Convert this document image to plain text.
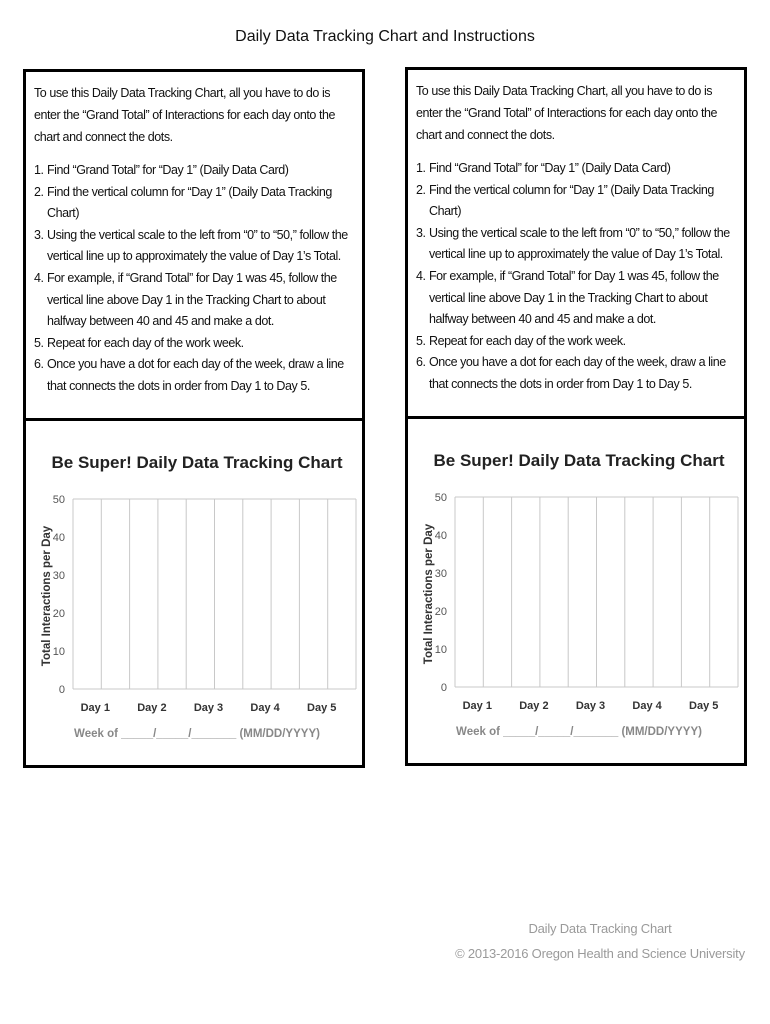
Daily Data Tracking Chart and Instructions

To use this Daily Data Tracking Chart, all you have to do is enter the “Grand Total” of Interactions for each day onto the chart and connect the dots.

1. Find “Grand Total” for “Day 1” (Daily Data Card)
2. Find the vertical column for “Day 1” (Daily Data Tracking Chart)
3. Using the vertical scale to the left from “0” to “50,” follow the vertical line up to approximately the value of Day 1’s Total.
4. For example, if “Grand Total” for Day 1 was 45, follow the vertical line above Day 1 in the Tracking Chart to about halfway between 40 and 45 and make a dot.
5. Repeat for each day of the work week.
6. Once you have a dot for each day of the week, draw a line that connects the dots in order from Day 1 to Day 5.
Be Super! Daily Data Tracking Chart
0
10
20
30
40
50
Total Interactions per Day
Day 1 Day 2 Day 3 Day 4 Day 5
Week of _____/_____/_______ (MM/DD/YYYY)

To use this Daily Data Tracking Chart, all you have to do is enter the “Grand Total” of Interactions for each day onto the chart and connect the dots.

1. Find “Grand Total” for “Day 1” (Daily Data Card)
2. Find the vertical column for “Day 1” (Daily Data Tracking Chart)
3. Using the vertical scale to the left from “0” to “50,” follow the vertical line up to approximately the value of Day 1’s Total.
4. For example, if “Grand Total” for Day 1 was 45, follow the vertical line above Day 1 in the Tracking Chart to about halfway between 40 and 45 and make a dot.
5. Repeat for each day of the work week.
6. Once you have a dot for each day of the week, draw a line that connects the dots in order from Day 1 to Day 5.
Be Super! Daily Data Tracking Chart
0
10
20
30
40
50
Total Interactions per Day
Day 1 Day 2 Day 3 Day 4 Day 5
Week of _____/_____/_______ (MM/DD/YYYY)
Daily Data Tracking Chart
© 2013-2016 Oregon Health and Science University
